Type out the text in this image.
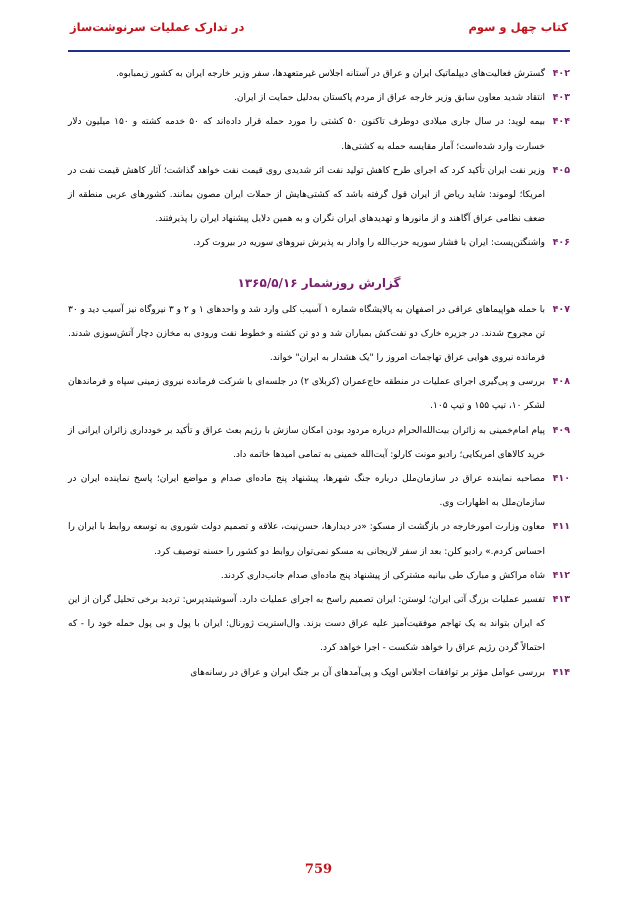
کتاب چهل و سوم
در تدارک عملیات سرنوشت‌ساز
۴۰۲
گسترش فعالیت‌های دیپلماتیک ایران و عراق در آستانه اجلاس غیرمتعهدها، سفر وزیر خارجه ایران به کشور زیمبابوه.
۴۰۳
انتقاد شدید معاون سابق وزیر خارجه عراق از مردم پاکستان به‌دلیل حمایت از ایران.
۴۰۴
بیمه لوید: در سال جاری میلادی دوطرف تاکنون ۵۰ کشتی را مورد حمله قرار داده‌اند که ۵۰ خدمه کشته و ۱۵۰ میلیون دلار خسارت وارد شده‌است؛ آمار مقایسه حمله به کشتی‌ها.
۴۰۵
وزیر نفت ایران تأکید کرد که اجرای طرح کاهش تولید نفت اثر شدیدی روی قیمت نفت خواهد گذاشت؛ آثار کاهش قیمت نفت در امریکا؛ لوموند: شاید ریاض از ایران قول گرفته باشد که کشتی‌هایش از حملات ایران مصون بمانند. کشورهای عربی منطقه از ضعف نظامی عراق آگاهند و از مانورها و تهدیدهای ایران نگران و به همین دلایل پیشنهاد ایران را پذیرفتند.
۴۰۶
واشنگتن‌پست: ایران با فشار سوریه حزب‌الله را وادار به پذیرش نیروهای سوریه در بیروت کرد.
گزارش روزشمار ۱۳۶۵/۵/۱۶
۴۰۷
با حمله هواپیماهای عراقی در اصفهان به پالایشگاه شماره ۱ آسیب کلی وارد شد و واحدهای ۱ و ۲ و ۳ نیروگاه نیز آسیب دید و ۳۰ تن مجروح شدند. در جزیره خارک دو نفت‌کش بمباران شد و دو تن کشته و خطوط نفت ورودی به مخازن دچار آتش‌سوزی شدند. فرمانده نیروی هوایی عراق تهاجمات امروز را "یک هشدار به ایران" خواند.
۴۰۸
بررسی و پی‌گیری اجرای عملیات در منطقه حاج‌عمران (کربلای ۲) در جلسه‌ای با شرکت فرمانده نیروی زمینی سپاه و فرماندهان لشکر ۱۰، تیپ ۱۵۵ و تیپ ۱۰۵.
۴۰۹
پیام امام‌خمینی به زائران بیت‌الله‌الحرام درباره مردود بودن امکان سازش با رژیم بعث عراق و تأکید بر خودداری زائران ایرانی از خرید کالاهای امریکایی؛ رادیو مونت کارلو: آیت‌الله خمینی به تمامی امیدها خاتمه داد.
۴۱۰
مصاحبه نماینده عراق در سازمان‌ملل درباره جنگ شهرها، پیشنهاد پنج ماده‌ای صدام و مواضع ایران؛ پاسخ نماینده ایران در سازمان‌ملل به اظهارات وی.
۴۱۱
معاون وزارت امورخارجه در بازگشت از مسکو: «در دیدارها، حسن‌نیت، علاقه و تصمیم دولت شوروی به توسعه روابط با ایران را احساس کردم.» رادیو کلن: بعد از سفر لاریجانی به مسکو نمی‌توان روابط دو کشور را حسنه توصیف کرد.
۴۱۲
شاه مراکش و مبارک طی بیانیه مشترکی از پیشنهاد پنج ماده‌ای صدام جانب‌داری کردند.
۴۱۳
تفسیر عملیات بزرگ آتی ایران؛ لوستن: ایران تصمیم راسخ به اجرای عملیات دارد. آسوشیتدپرس: تردید برخی تحلیل گران از این که ایران بتواند به یک تهاجم موفقیت‌آمیز علیه عراق دست بزند. وال‌استریت ژورنال: ایران با پول و بی پول حمله خود را - که احتمالاً گردن رژیم عراق را خواهد شکست - اجرا خواهد کرد.
۴۱۴
بررسی عوامل مؤثر بر توافقات اجلاس اوپک و پی‌آمدهای آن بر جنگ ایران و عراق در رسانه‌های
759
